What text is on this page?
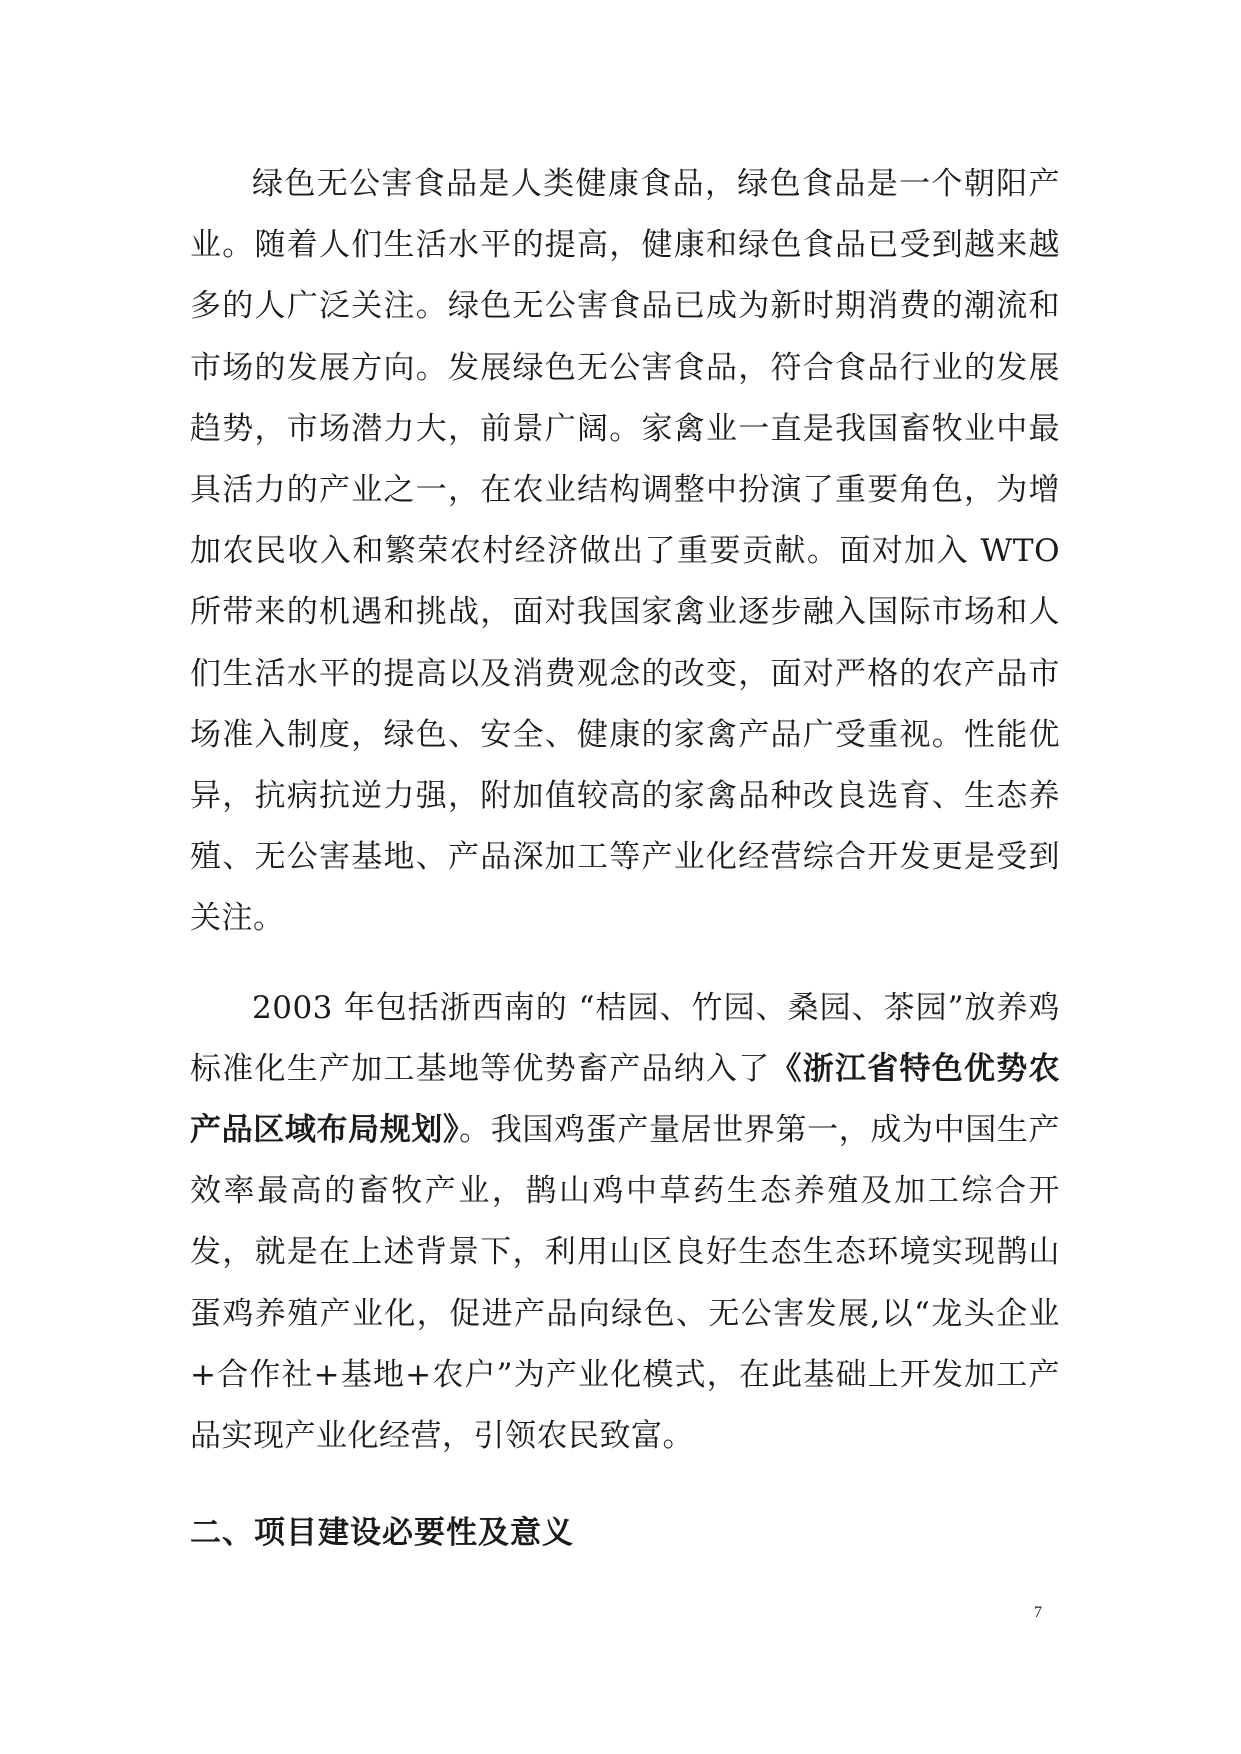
绿色无公害食品是人类健康食品，绿色食品是一个朝阳产业。随着人们生活水平的提高，健康和绿色食品已受到越来越多的人广泛关注。绿色无公害食品已成为新时期消费的潮流和市场的发展方向。发展绿色无公害食品，符合食品行业的发展趋势，市场潜力大，前景广阔。家禽业一直是我国畜牧业中最具活力的产业之一，在农业结构调整中扮演了重要角色，为增加农民收入和繁荣农村经济做出了重要贡献。面对加入 WTO 所带来的机遇和挑战，面对我国家禽业逐步融入国际市场和人们生活水平的提高以及消费观念的改变，面对严格的农产品市场准入制度，绿色、安全、健康的家禽产品广受重视。性能优异，抗病抗逆力强，附加值较高的家禽品种改良选育、生态养殖、无公害基地、产品深加工等产业化经营综合开发更是受到关注。

2003 年包括浙西南的 “桔园、竹园、桑园、茶园”放养鸡标准化生产加工基地等优势畜产品纳入了《浙江省特色优势农产品区域布局规划》。我国鸡蛋产量居世界第一，成为中国生产效率最高的畜牧产业，鹊山鸡中草药生态养殖及加工综合开发，就是在上述背景下，利用山区良好生态生态环境实现鹊山蛋鸡养殖产业化，促进产品向绿色、无公害发展,以“龙头企业+合作社+基地+农户”为产业化模式，在此基础上开发加工产品实现产业化经营，引领农民致富。

二、项目建设必要性及意义
7
